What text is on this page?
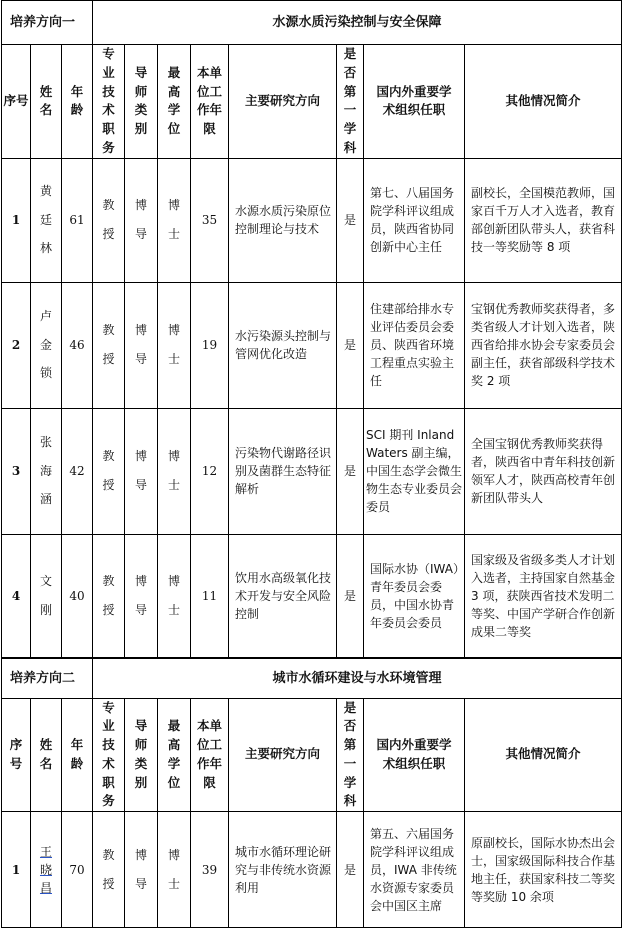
培养方向一			水源水质污染控制与安全保障							
序号	姓名	年龄	专业技术职务	导师类别	最高学位	本单位工作年限	主要研究方向	是否第一学科	国内外重要学术组织任职	其他情况简介
1	黄廷林	61	教授	博导	博士	35	水源水质污染原位控制理论与技术	是	第七、八届国务院学科评议组成员，陕西省协同创新中心主任	副校长，全国模范教师，国家百千万人才入选者，教育部创新团队带头人，获省科技一等奖励等 8 项
2	卢金锁	46	教授	博导	博士	19	水污染源头控制与管网优化改造	是	住建部给排水专业评估委员会委员、陕西省环境工程重点实验主任	宝钢优秀教师奖获得者，多类省级人才计划入选者，陕西省给排水协会专家委员会副主任，获省部级科学技术奖 2 项
3	张海涵	42	教授	博导	博士	12	污染物代谢路径识别及菌群生态特征解析	是	SCI 期刊 Inland Waters 副主编，中国生态学会微生物生态专业委员会委员	全国宝钢优秀教师奖获得者，陕西省中青年科技创新领军人才，陕西高校青年创新团队带头人
4	文刚	40	教授	博导	博士	11	饮用水高级氧化技术开发与安全风险控制	是	国际水协（IWA）青年委员会委员，中国水协青年委员会委员	国家级及省级多类人才计划入选者，主持国家自然基金 3 项，获陕西省技术发明二等奖、中国产学研合作创新成果二等奖
培养方向二			城市水循环建设与水环境管理							
序号	姓名	年龄	专业技术职务	导师类别	最高学位	本单位工作年限	主要研究方向	是否第一学科	国内外重要学术组织任职	其他情况简介
1	王晓昌	70	教授	博导	博士	39	城市水循环理论研究与非传统水资源利用	是	第五、六届国务院学科评议组成员，IWA 非传统水资源专家委员会中国区主席	原副校长，国际水协杰出会士，国家级国际科技合作基地主任，获国家科技二等奖等奖励 10 余项
